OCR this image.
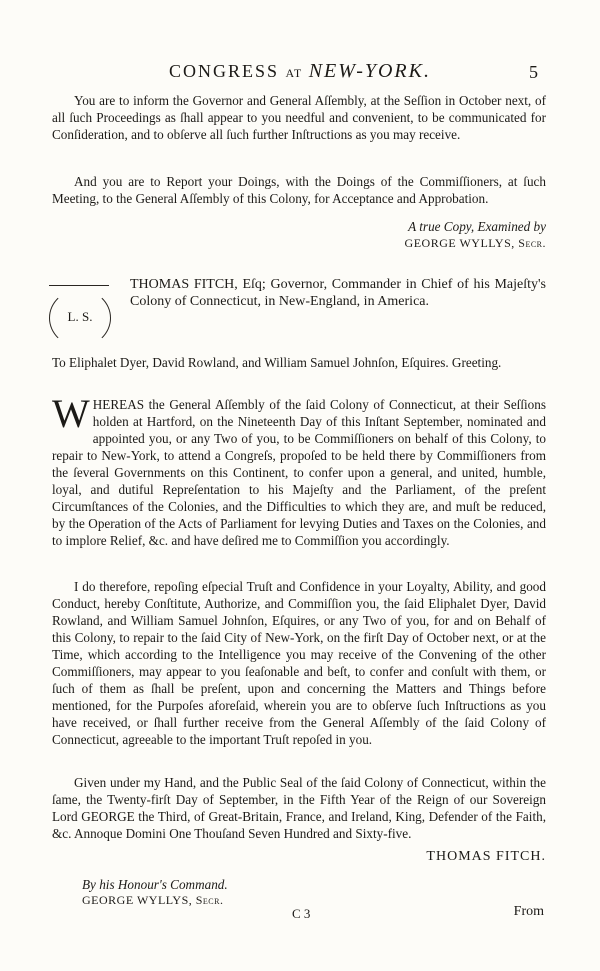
CONGRESS AT NEW-YORK.	5

You are to inform the Governor and General Aſſembly, at the Seſſion in October next, of all ſuch Proceedings as ſhall appear to you needful and convenient, to be communicated for Conſideration, and to obſerve all ſuch further Inſtructions as you may receive.

And you are to Report your Doings, with the Doings of the Commiſſioners, at ſuch Meeting, to the General Aſſembly of this Colony, for Acceptance and Approbation.

A true Copy, Examined by
GEORGE WYLLYS, Secr.
L. S.

THOMAS FITCH, Eſq; Governor, Commander in Chief of his Majeſty's Colony of Connecticut, in New-England, in America.

To Eliphalet Dyer, David Rowland, and William Samuel Johnſon, Eſquires. Greeting.

W HEREAS the General Aſſembly of the ſaid Colony of Connecticut, at their Seſſions holden at Hartford, on the Nineteenth Day of this Inſtant September, nominated and appointed you, or any Two of you, to be Commiſſioners on behalf of this Colony, to repair to New-York, to attend a Congreſs, propoſed to be held there by Commiſſioners from the ſeveral Governments on this Continent, to confer upon a general, and united, humble, loyal, and dutiful Repreſentation to his Majeſty and the Parliament, of the preſent Circumſtances of the Colonies, and the Difficulties to which they are, and muſt be reduced, by the Operation of the Acts of Parliament for levying Duties and Taxes on the Colonies, and to implore Relief, &c. and have deſired me to Commiſſion you accordingly.

I do therefore, repoſing eſpecial Truſt and Confidence in your Loyalty, Ability, and good Conduct, hereby Conſtitute, Authorize, and Commiſſion you, the ſaid Eliphalet Dyer, David Rowland, and William Samuel Johnſon, Eſquires, or any Two of you, for and on Behalf of this Colony, to repair to the ſaid City of New-York, on the firſt Day of October next, or at the Time, which according to the Intelligence you may receive of the Convening of the other Commiſſioners, may appear to you ſeaſonable and beſt, to confer and conſult with them, or ſuch of them as ſhall be preſent, upon and concerning the Matters and Things before mentioned, for the Purpoſes aforeſaid, wherein you are to obſerve ſuch Inſtructions as you have received, or ſhall further receive from the General Aſſembly of the ſaid Colony of Connecticut, agreeable to the important Truſt repoſed in you.

Given under my Hand, and the Public Seal of the ſaid Colony of Connecticut, within the ſame, the Twenty-firſt Day of September, in the Fifth Year of the Reign of our Sovereign Lord GEORGE the Third, of Great-Britain, France, and Ireland, King, Defender of the Faith, &c. Annoque Domini One Thouſand Seven Hundred and Sixty-five.

THOMAS FITCH.
By his Honour's Command.
GEORGE WYLLYS, Secr.
C 3	From
